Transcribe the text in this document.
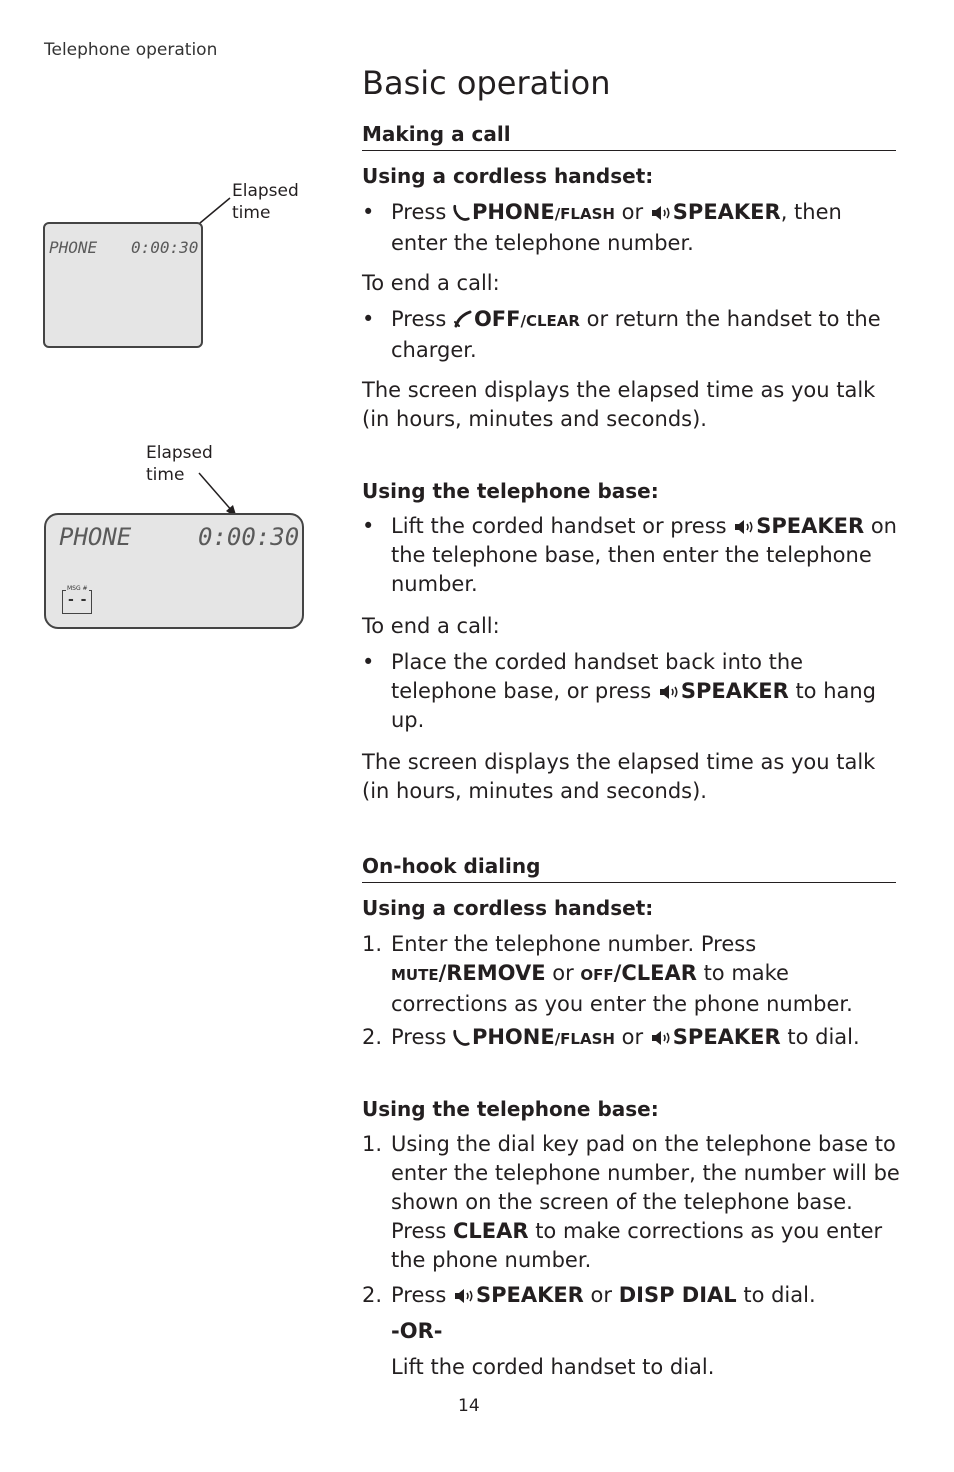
Telephone operation
Basic operation
Elapsed
time
PHONE 0:00:30
Elapsed
time
PHONE	0:00:30
MSG #
- -
Making a call
Using a cordless handset:
• Press PHONE/FLASH or SPEAKER, then enter the telephone number.
To end a call:
• Press OFF/CLEAR or return the handset to the charger.
The screen displays the elapsed time as you talk (in hours, minutes and seconds).
Using the telephone base:
• Lift the corded handset or press SPEAKER on the telephone base, then enter the telephone number.
To end a call:
• Place the corded handset back into the telephone base, or press SPEAKER to hang up.
The screen displays the elapsed time as you talk (in hours, minutes and seconds).
On-hook dialing
Using a cordless handset:
1. Enter the telephone number. Press MUTE/REMOVE or OFF/CLEAR to make corrections as you enter the phone number.
2. Press PHONE/FLASH or SPEAKER to dial.
Using the telephone base:
1. Using the dial key pad on the telephone base to enter the telephone number, the number will be shown on the screen of the telephone base. Press CLEAR to make corrections as you enter the phone number.
2. Press SPEAKER or DISP DIAL to dial.
-OR-
Lift the corded handset to dial.
14
